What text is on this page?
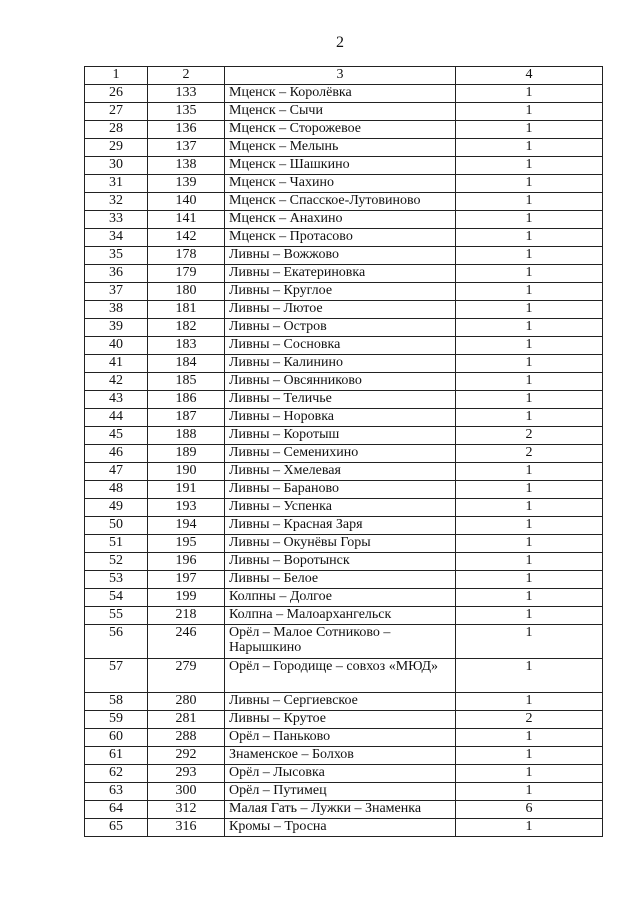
2
1	2	3	4
26	133	Мценск – Королёвка	1
27	135	Мценск – Сычи	1
28	136	Мценск – Сторожевое	1
29	137	Мценск – Мелынь	1
30	138	Мценск – Шашкино	1
31	139	Мценск – Чахино	1
32	140	Мценск – Спасское-Лутовиново	1
33	141	Мценск – Анахино	1
34	142	Мценск – Протасово	1
35	178	Ливны – Вожжово	1
36	179	Ливны – Екатериновка	1
37	180	Ливны – Круглое	1
38	181	Ливны – Лютое	1
39	182	Ливны – Остров	1
40	183	Ливны – Сосновка	1
41	184	Ливны – Калинино	1
42	185	Ливны – Овсянниково	1
43	186	Ливны – Теличье	1
44	187	Ливны – Норовка	1
45	188	Ливны – Коротыш	2
46	189	Ливны – Семенихино	2
47	190	Ливны – Хмелевая	1
48	191	Ливны – Бараново	1
49	193	Ливны – Успенка	1
50	194	Ливны – Красная Заря	1
51	195	Ливны – Окунёвы Горы	1
52	196	Ливны – Воротынск	1
53	197	Ливны – Белое	1
54	199	Колпны – Долгое	1
55	218	Колпна – Малоархангельск	1
56	246	Орёл – Малое Сотниково – Нарышкино	1
57	279	Орёл – Городище – совхоз «МЮД»	1
58	280	Ливны – Сергиевское	1
59	281	Ливны – Крутое	2
60	288	Орёл – Паньково	1
61	292	Знаменское – Болхов	1
62	293	Орёл – Лысовка	1
63	300	Орёл – Путимец	1
64	312	Малая Гать – Лужки – Знаменка	6
65	316	Кромы – Тросна	1
